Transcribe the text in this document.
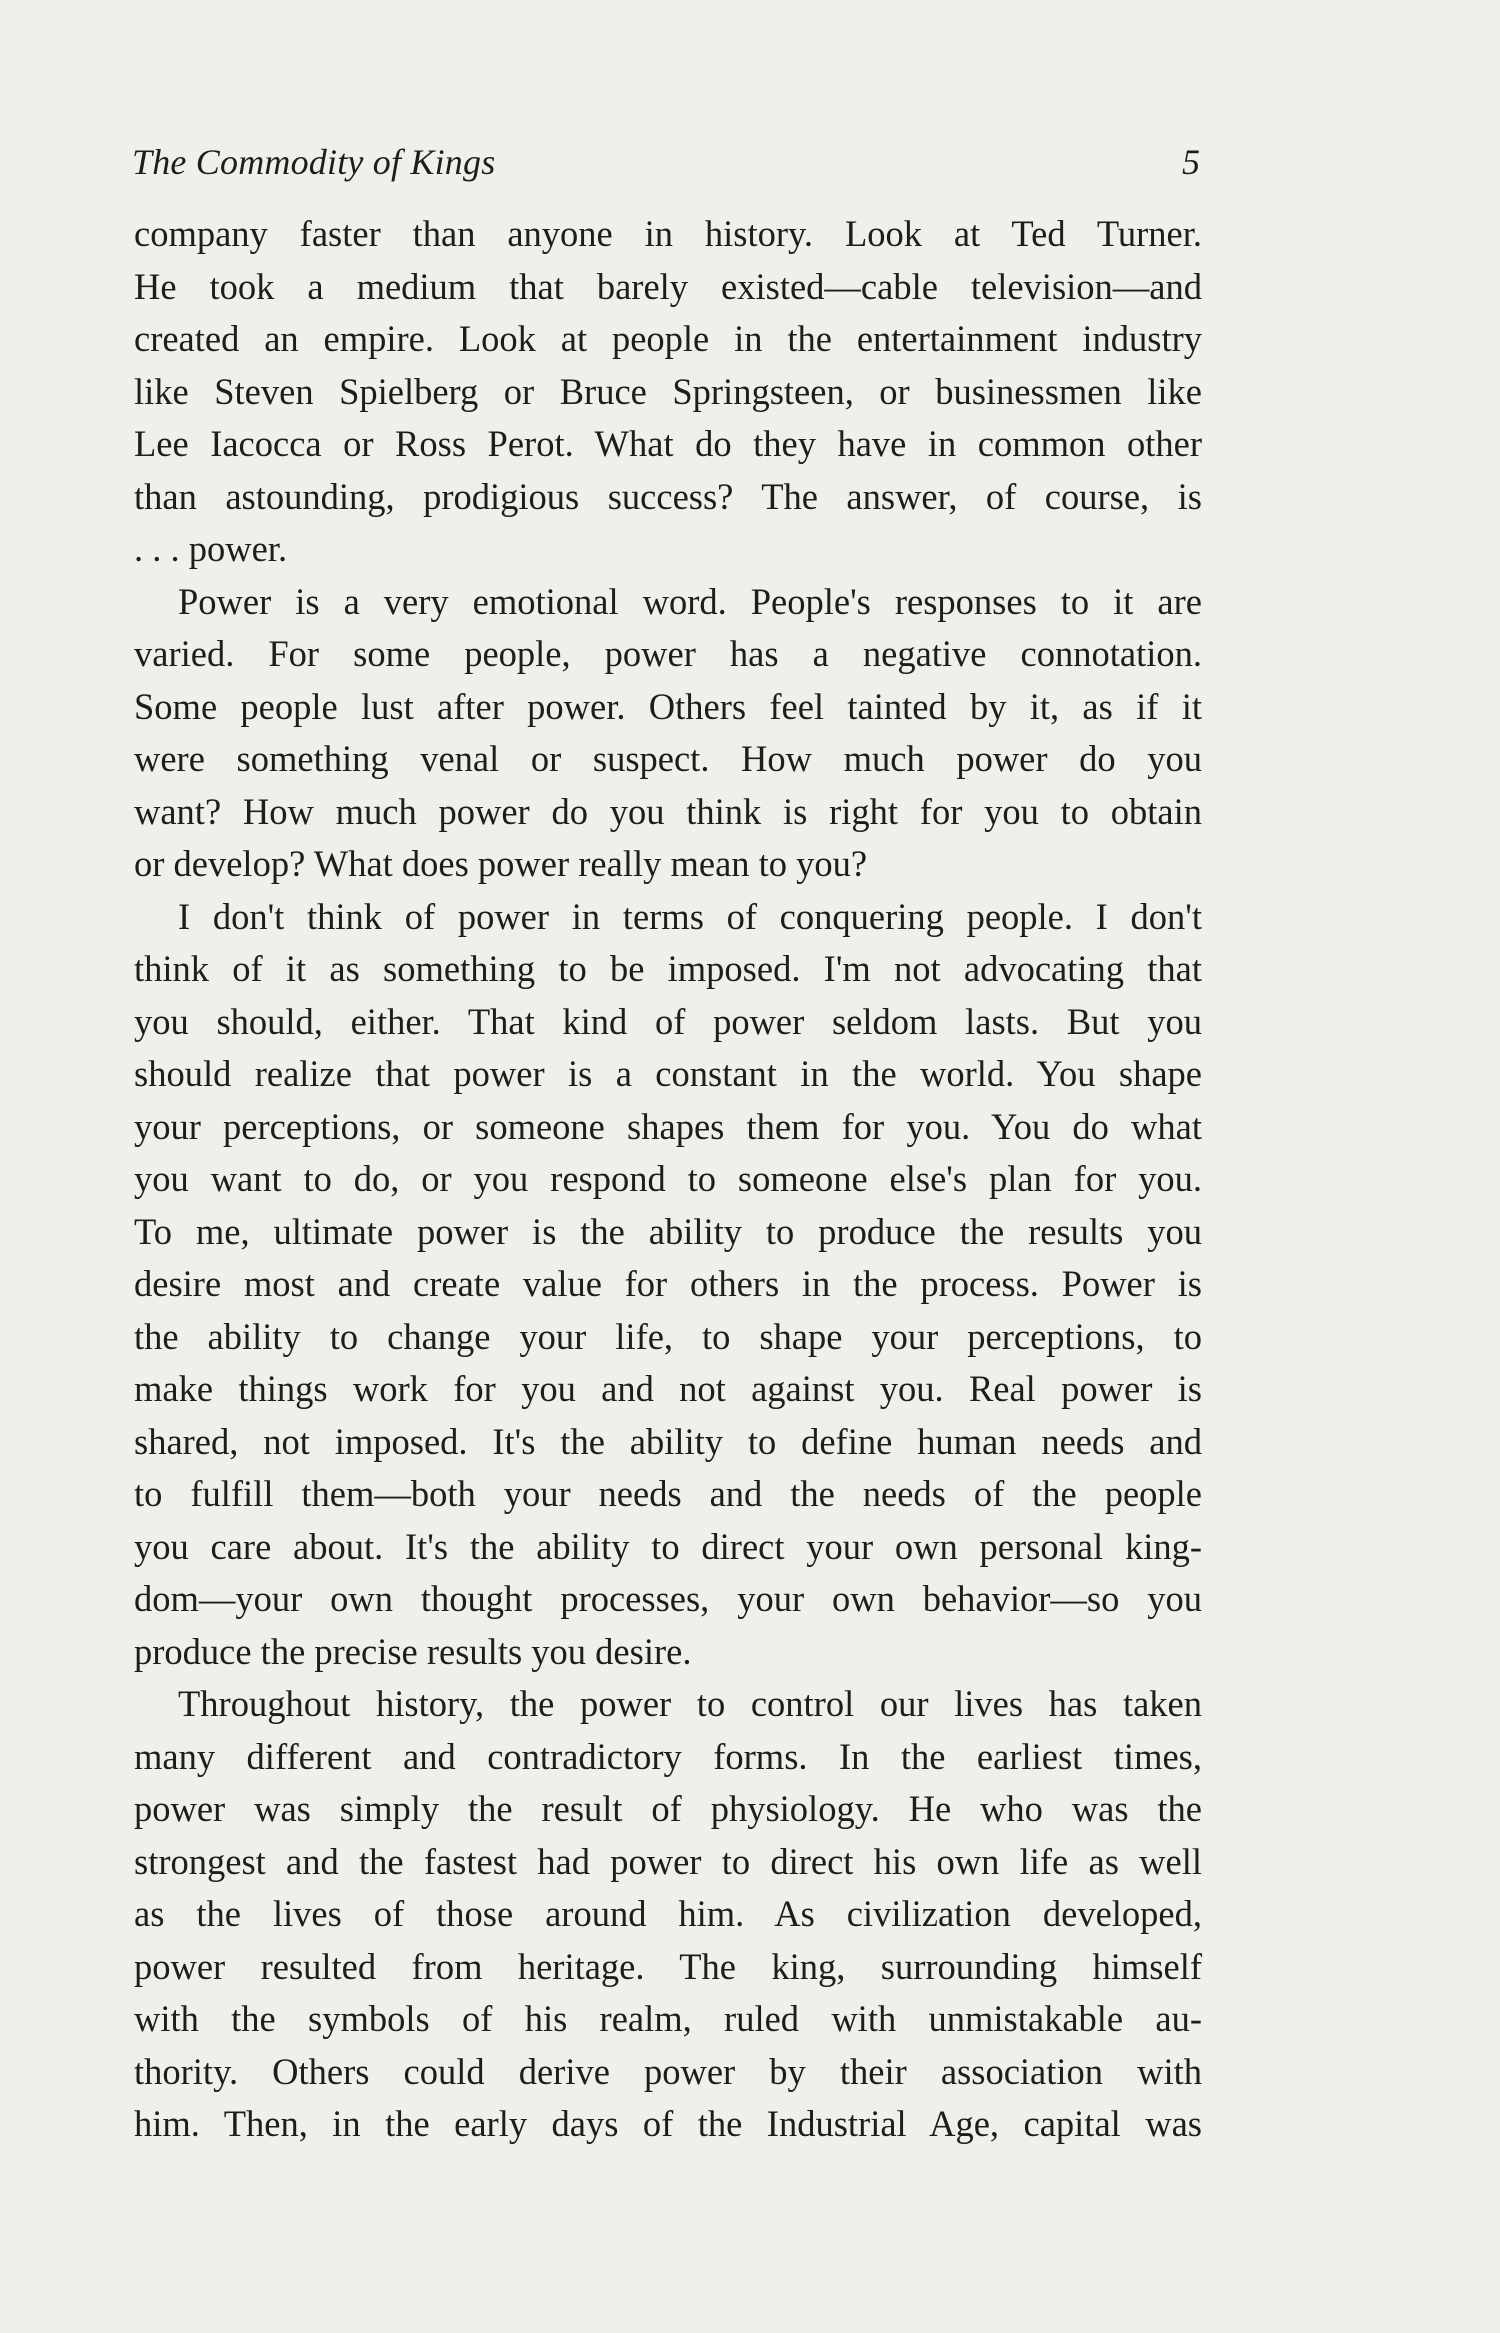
The Commodity of Kings	5
company faster than anyone in history. Look at Ted Turner.
He took a medium that barely existed—cable television—and
created an empire. Look at people in the entertainment industry
like Steven Spielberg or Bruce Springsteen, or businessmen like
Lee Iacocca or Ross Perot. What do they have in common other
than astounding, prodigious success? The answer, of course, is
. . . power.
Power is a very emotional word. People's responses to it are
varied. For some people, power has a negative connotation.
Some people lust after power. Others feel tainted by it, as if it
were something venal or suspect. How much power do you
want? How much power do you think is right for you to obtain
or develop? What does power really mean to you?
I don't think of power in terms of conquering people. I don't
think of it as something to be imposed. I'm not advocating that
you should, either. That kind of power seldom lasts. But you
should realize that power is a constant in the world. You shape
your perceptions, or someone shapes them for you. You do what
you want to do, or you respond to someone else's plan for you.
To me, ultimate power is the ability to produce the results you
desire most and create value for others in the process. Power is
the ability to change your life, to shape your perceptions, to
make things work for you and not against you. Real power is
shared, not imposed. It's the ability to define human needs and
to fulfill them—both your needs and the needs of the people
you care about. It's the ability to direct your own personal king-
dom—your own thought processes, your own behavior—so you
produce the precise results you desire.
Throughout history, the power to control our lives has taken
many different and contradictory forms. In the earliest times,
power was simply the result of physiology. He who was the
strongest and the fastest had power to direct his own life as well
as the lives of those around him. As civilization developed,
power resulted from heritage. The king, surrounding himself
with the symbols of his realm, ruled with unmistakable au-
thority. Others could derive power by their association with
him. Then, in the early days of the Industrial Age, capital was
